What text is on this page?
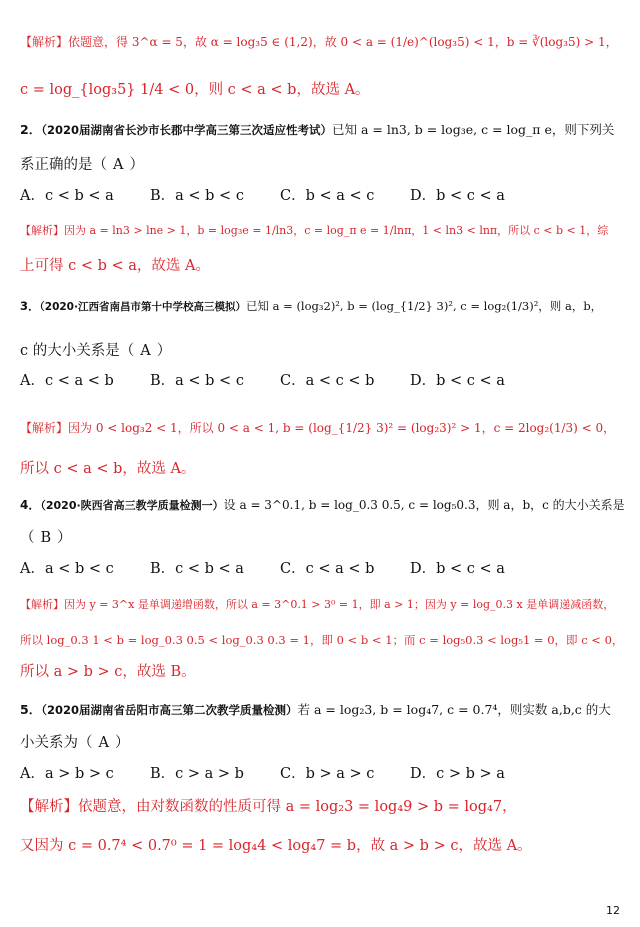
【解析】依题意，得 3^α = 5，故 α = log₃5 ∈ (1,2)，故 0 < a = (1/e)^(log₃5) < 1，b = ∛(log₃5) > 1，
c = log_{log₃5} 1/4 < 0，则 c < a < b，故选 A。
2．（2020届湖南省长沙市长郡中学高三第三次适应性考试）已知 a = ln3, b = log₃e, c = log_π e，则下列关
系正确的是（ A ）
A．c < b < a	B．a < b < c	C．b < a < c	D．b < c < a
【解析】因为 a = ln3 > lne > 1，b = log₃e = 1/ln3，c = log_π e = 1/lnπ，1 < ln3 < lnπ，所以 c < b < 1，综
上可得 c < b < a，故选 A。
3．（2020·江西省南昌市第十中学校高三模拟）已知 a = (log₃2)², b = (log_{1/2} 3)², c = log₂(1/3)²，则 a，b，
c 的大小关系是（ A ）
A．c < a < b	B．a < b < c	C．a < c < b	D．b < c < a
【解析】因为 0 < log₃2 < 1，所以 0 < a < 1, b = (log_{1/2} 3)² = (log₂3)² > 1，c = 2log₂(1/3) < 0，
所以 c < a < b，故选 A。
4．（2020·陕西省高三教学质量检测一）设 a = 3^0.1, b = log_0.3 0.5, c = log₅0.3，则 a，b，c 的大小关系是
（ B ）
A．a < b < c	B．c < b < a	C．c < a < b	D．b < c < a
【解析】因为 y = 3^x 是单调递增函数，所以 a = 3^0.1 > 3⁰ = 1，即 a > 1；因为 y = log_0.3 x 是单调递减函数，
所以 log_0.3 1 < b = log_0.3 0.5 < log_0.3 0.3 = 1，即 0 < b < 1；而 c = log₅0.3 < log₅1 = 0，即 c < 0，
所以 a > b > c，故选 B。
5．（2020届湖南省岳阳市高三第二次教学质量检测）若 a = log₂3, b = log₄7, c = 0.7⁴，则实数 a,b,c 的大
小关系为（ A ）
A．a > b > c	B．c > a > b	C．b > a > c	D．c > b > a
【解析】依题意，由对数函数的性质可得 a = log₂3 = log₄9 > b = log₄7，
又因为 c = 0.7⁴ < 0.7⁰ = 1 = log₄4 < log₄7 = b，故 a > b > c，故选 A。
12
